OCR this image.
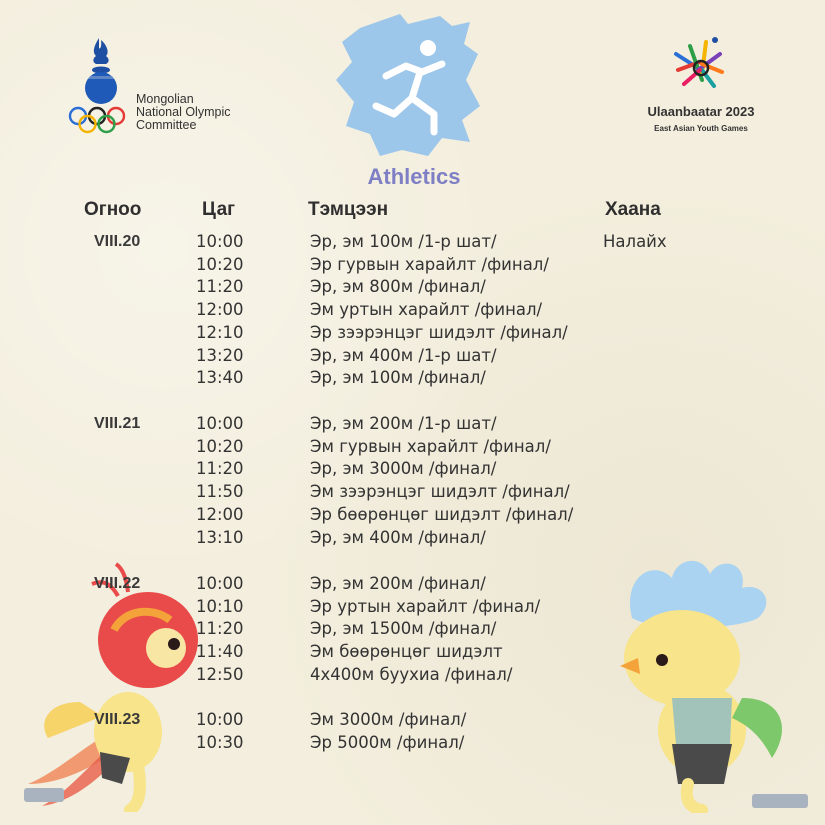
Mongolian
National Olympic
Committee
Ulaanbaatar 2023
East Asian Youth Games
Athletics
Огноо	Цаг	Тэмцээн	Хаана
VIII.20	10:00	Эр, эм 100м /1-р шат/	Налайх
10:20	Эр гурвын харайлт /финал/
11:20	Эр, эм 800м /финал/
12:00	Эм уртын харайлт /финал/
12:10	Эр зээрэнцэг шидэлт /финал/
13:20	Эр, эм 400м /1-р шат/
13:40	Эр, эм 100м /финал/
VIII.21	10:00	Эр, эм 200м /1-р шат/
10:20	Эм гурвын харайлт /финал/
11:20	Эр, эм 3000м /финал/
11:50	Эм зээрэнцэг шидэлт /финал/
12:00	Эр бөөрөнцөг шидэлт /финал/
13:10	Эр, эм 400м /финал/
VIII.22	10:00	Эр, эм 200м /финал/
10:10	Эр уртын харайлт /финал/
11:20	Эр, эм 1500м /финал/
11:40	Эм бөөрөнцөг шидэлт
12:50	4x400м буухиа /финал/
VIII.23	10:00	Эм 3000м /финал/
10:30	Эр 5000м /финал/
